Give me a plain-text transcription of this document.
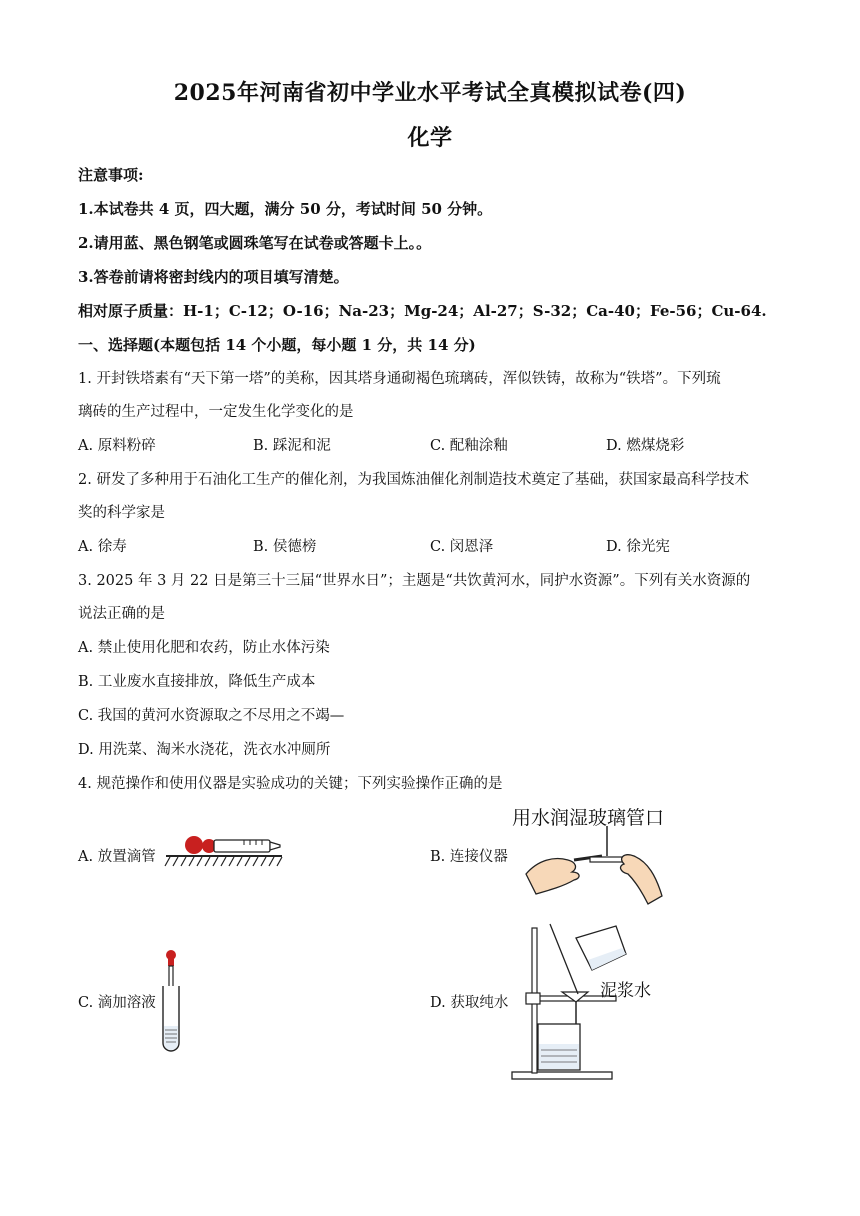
2025年河南省初中学业水平考试全真模拟试卷(四)
化学
注意事项:
1.本试卷共 4 页，四大题，满分 50 分，考试时间 50 分钟。
2.请用蓝、黑色钢笔或圆珠笔写在试卷或答题卡上。。
3.答卷前请将密封线内的项目填写清楚。
相对原子质量：H-1；C-12；O-16；Na-23；Mg-24；Al-27；S-32；Ca-40；Fe-56；Cu-64.
一、选择题(本题包括 14 个小题，每小题 1 分，共 14 分)
1. 开封铁塔素有“天下第一塔”的美称，因其塔身通砌褐色琉璃砖，浑似铁铸，故称为“铁塔”。下列琉
璃砖的生产过程中，一定发生化学变化的是
A. 原料粉碎	B. 踩泥和泥	C. 配釉涂釉	D. 燃煤烧彩
2. 研发了多种用于石油化工生产的催化剂，为我国炼油催化剂制造技术奠定了基础，获国家最高科学技术
奖的科学家是
A. 徐寿	B. 侯德榜	C. 闵恩泽	D. 徐光宪
3. 2025 年 3 月 22 日是第三十三届“世界水日”；主题是“共饮黄河水，同护水资源”。下列有关水资源的
说法正确的是
A. 禁止使用化肥和农药，防止水体污染
B. 工业废水直接排放，降低生产成本
C. 我国的黄河水资源取之不尽用之不竭—
D. 用洗菜、淘米水浇花，洗衣水冲厕所
4. 规范操作和使用仪器是实验成功的关键；下列实验操作正确的是
A. 放置滴管	B. 连接仪器
C. 滴加溶液	D. 获取纯水
用水润湿玻璃管口
泥浆水
